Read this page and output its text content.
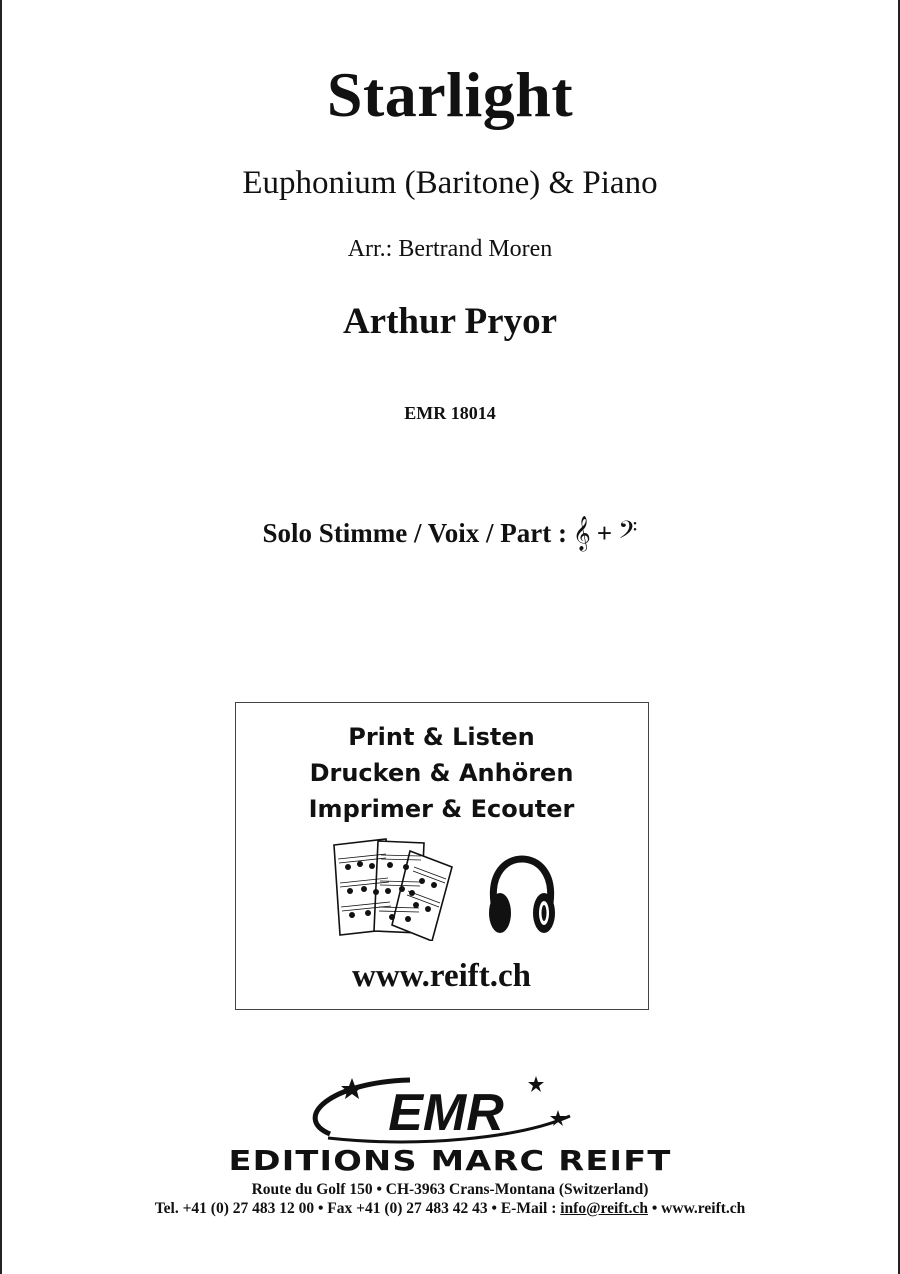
Starlight
Euphonium (Baritone) & Piano
Arr.: Bertrand Moren
Arthur Pryor
EMR 18014
Solo Stimme / Voix / Part : 𝄞 + 𝄢
Print & Listen
Drucken & Anhören
Imprimer & Ecouter
www.reift.ch
EMR
EDITIONS MARC REIFT
Route du Golf 150 • CH-3963 Crans-Montana (Switzerland)
Tel. +41 (0) 27 483 12 00 • Fax +41 (0) 27 483 42 43 • E-Mail : info@reift.ch • www.reift.ch
